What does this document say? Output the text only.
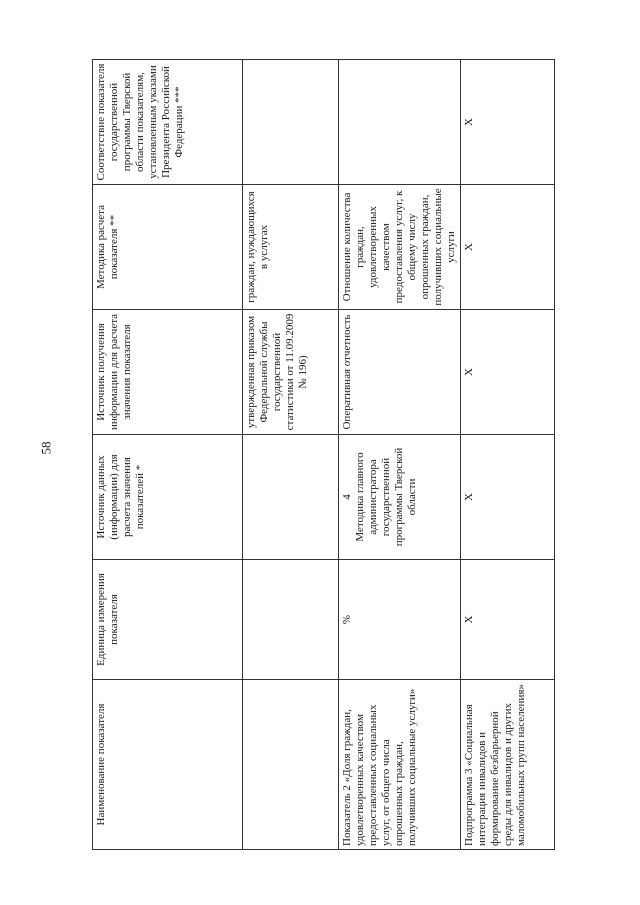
58
Наименование показателя	Единица измерения показателя	Источник данных (информации) для расчета значения показателей *	Источник получения информации для расчета значения показателя	Методика расчета показателя **	Соответствие показателя государственной программы Тверской области показателям, установленным указами Президента Российской Федерации ***
			утвержденная приказом Федеральной службы государственной статистики от 11.09.2009 № 196)	граждан, нуждающихся в услугах	
Показатель 2 «Доля граждан, удовлетворенных качеством предоставленных социальных услуг, от общего числа опрошенных граждан, получивших социальные услуги»	%	4 Методика главного администратора государственной программы Тверской области	Оперативная отчетность	Отношение количества граждан, удовлетворенных качеством предоставления услуг, к общему числу опрошенных граждан, получивших социальные услуги	
Подпрограмма 3 «Социальная интеграция инвалидов и формирование безбарьерной среды для инвалидов и других маломобильных групп населения»	Х	Х	Х	Х	Х
